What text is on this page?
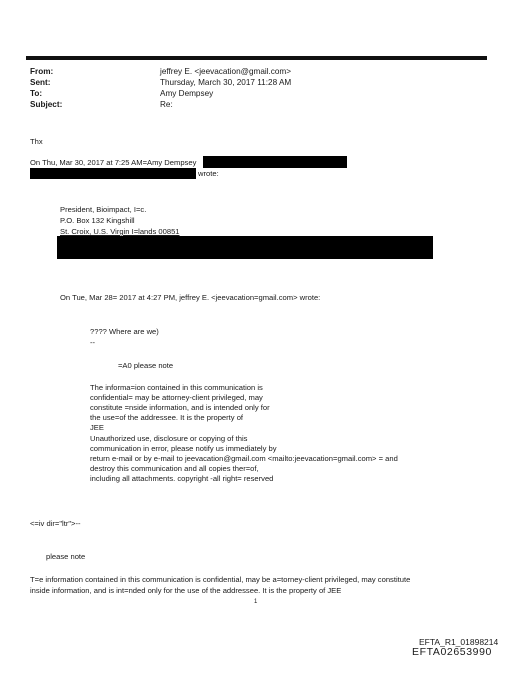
From:	jeffrey E. <jeevacation@gmail.com>
Sent:	Thursday, March 30, 2017 11:28 AM
To:	Amy Dempsey
Subject:	Re:
Thx
On Thu, Mar 30, 2017 at 7:25 AM=Amy Dempsey
wrote:
President, Bioimpact, I=c.
P.O. Box 132 Kingshill
St. Croix, U.S. Virgin I=lands 00851
On Tue, Mar 28= 2017 at 4:27 PM, jeffrey E. <jeevacation=gmail.com> wrote:
???? Where are we)
--
=A0 please note
The informa=ion contained in this communication is
confidential= may be attorney-client privileged, may
constitute =nside information, and is intended only for
the use=of the addressee. It is the property of
JEE
Unauthorized use, disclosure or copying of this
communication in error, please notify us immediately by
return e-mail or by e-mail to jeevacation@gmail.com <mailto:jeevacation=gmail.com> = and
destroy this communication and all copies ther=of,
including all attachments. copyright -all right= reserved
<=iv dir="ltr">--
please note
T=e information contained in this communication is confidential, may be a=torney-client privileged, may constitute
inside information, and is int=nded only for the use of the addressee. It is the property of JEE
1
EFTA_R1_01898214
EFTA02653990
